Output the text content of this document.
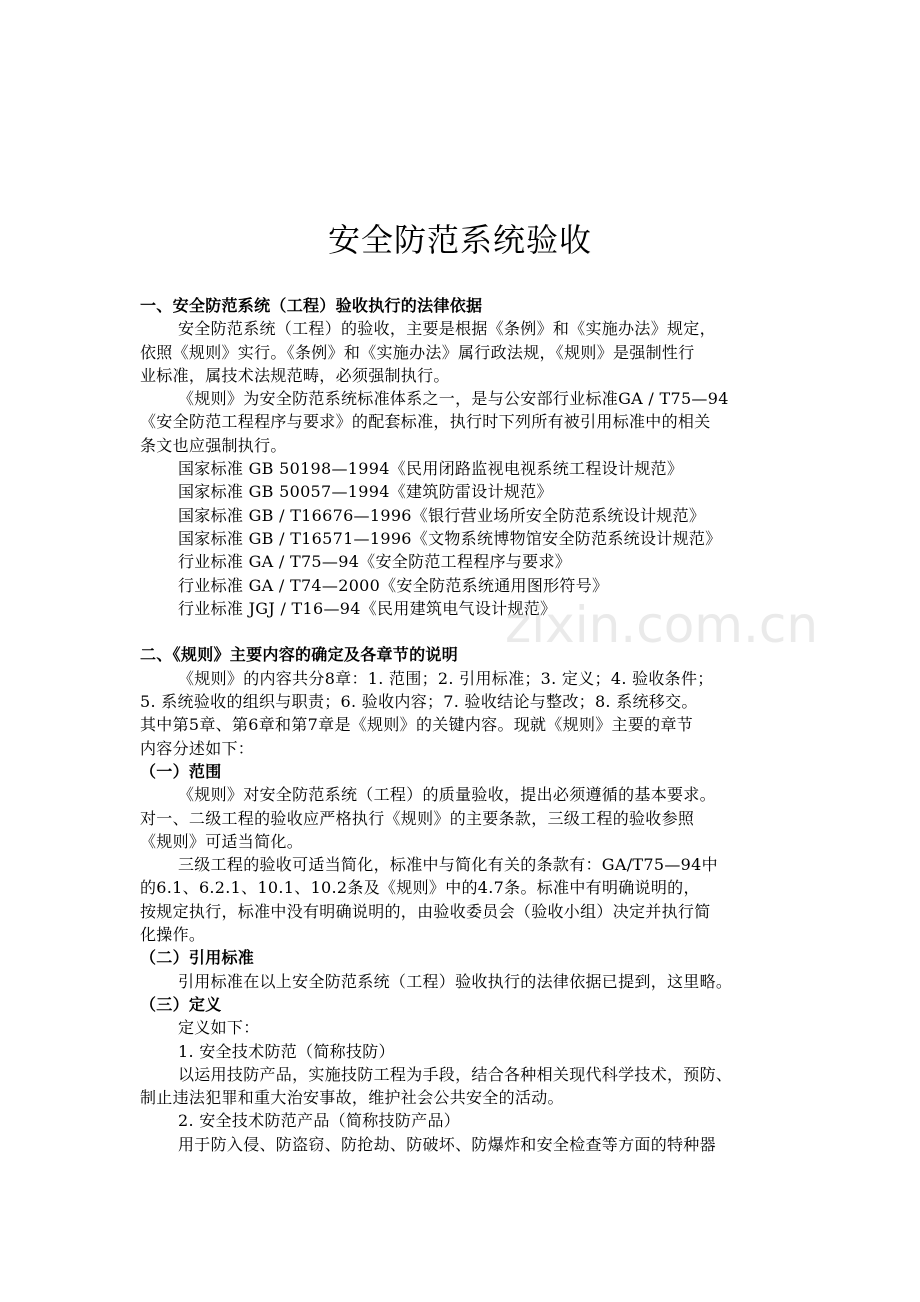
安全防范系统验收
一、安全防范系统（工程）验收执行的法律依据
安全防范系统（工程）的验收，主要是根据《条例》和《实施办法》规定，
依照《规则》实行。《条例》和《实施办法》属行政法规，《规则》是强制性行
业标准，属技术法规范畴，必须强制执行。
《规则》为安全防范系统标准体系之一，是与公安部行业标准GA / T75—94
《安全防范工程程序与要求》的配套标准，执行时下列所有被引用标准中的相关
条文也应强制执行。
国家标准 GB 50198—1994《民用闭路监视电视系统工程设计规范》
国家标准 GB 50057—1994《建筑防雷设计规范》
国家标准 GB / T16676—1996《银行营业场所安全防范系统设计规范》
国家标准 GB / T16571—1996《文物系统博物馆安全防范系统设计规范》
行业标准 GA / T75—94《安全防范工程程序与要求》
行业标准 GA / T74—2000《安全防范系统通用图形符号》
行业标准 JGJ / T16—94《民用建筑电气设计规范》
二、《规则》主要内容的确定及各章节的说明
《规则》的内容共分8章：1. 范围；2. 引用标准；3. 定义；4. 验收条件；
5. 系统验收的组织与职责；6. 验收内容；7. 验收结论与整改；8. 系统移交。
其中第5章、第6章和第7章是《规则》的关键内容。现就《规则》主要的章节
内容分述如下：
（一）范围
《规则》对安全防范系统（工程）的质量验收，提出必须遵循的基本要求。
对一、二级工程的验收应严格执行《规则》的主要条款，三级工程的验收参照
《规则》可适当简化。
三级工程的验收可适当简化，标准中与简化有关的条款有：GA/T75—94中
的6.1、6.2.1、10.1、10.2条及《规则》中的4.7条。标准中有明确说明的，
按规定执行，标准中没有明确说明的，由验收委员会（验收小组）决定并执行简
化操作。
（二）引用标准
引用标准在以上安全防范系统（工程）验收执行的法律依据已提到，这里略。
（三）定义
定义如下：
1. 安全技术防范（简称技防）
以运用技防产品，实施技防工程为手段，结合各种相关现代科学技术，预防、
制止违法犯罪和重大治安事故，维护社会公共安全的活动。
2. 安全技术防范产品（简称技防产品）
用于防入侵、防盗窃、防抢劫、防破坏、防爆炸和安全检查等方面的特种器
zixin.com.cn
